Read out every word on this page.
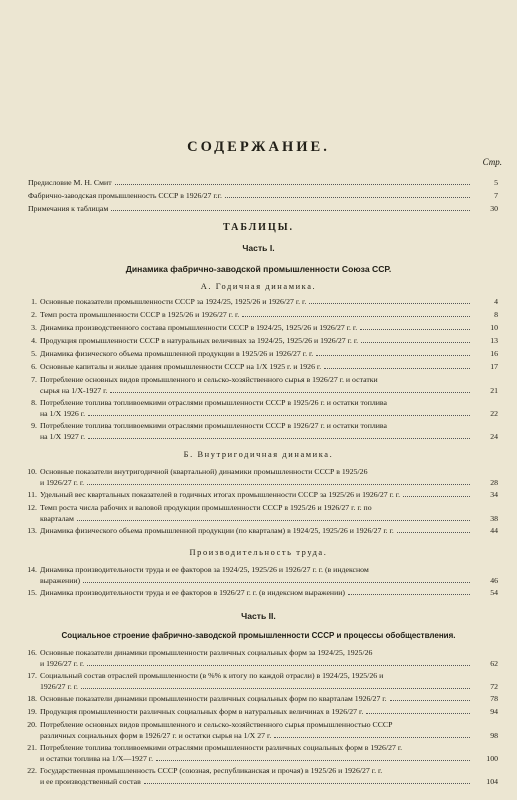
СОДЕРЖАНИЕ.
Стр.
Предисловие М. Н. Смит	5
Фабрично-заводская промышленность СССР в 1926/27 г.г.	7
Примечания к таблицам	30
ТАБЛИЦЫ.
Часть I.
Динамика фабрично-заводской промышленности Союза ССР.
А. Годичная динамика.
Б. Внутригодичная динамика.
Производительность труда.
Часть II.
Социальное строение фабрично-заводской промышленности СССР и процессы обобществления.
1. Основные показатели промышленности СССР за 1924/25, 1925/26 и 1926/27 г. г.	4
2. Темп роста промышленности СССР в 1925/26 и 1926/27 г. г.	8
3. Динамика производственного состава промышленности СССР в 1924/25, 1925/26 и 1926/27 г. г.	10
4. Продукция промышленности СССР в натуральных величинах за 1924/25, 1925/26 и 1926/27 г. г.	13
5. Динамика физического объема промышленной продукции в 1925/26 и 1926/27 г. г.	16
6. Основные капиталы и жилые здания промышленности СССР на 1/X 1925 г. и 1926 г.	17
7. Потребление основных видов промышленного и сельско-хозяйственного сырья в 1926/27 г. и остатки
сырья на 1/X-1927 г.	21
8. Потребление топлива топливоемкими отраслями промышленности СССР в 1925/26 г. и остатки топлива
на 1/X 1926 г.	22
9. Потребление топлива топливоемкими отраслями промышленности СССР в 1926/27 г. и остатки топлива
на 1/X 1927 г.	24
10. Основные показатели внутригодичной (квартальной) динамики промышленности СССР в 1925/26
и 1926/27 г. г.	28
11. Удельный вес квартальных показателей в годичных итогах промышленности СССР за 1925/26 и 1926/27 г. г.	34
12. Темп роста числа рабочих и валовой продукции промышленности СССР в 1925/26 и 1926/27 г. г. по
кварталам	38
13. Динамика физического объема промышленной продукции (по кварталам) в 1924/25, 1925/26 и 1926/27 г. г.	44
14. Динамика производительности труда и ее факторов за 1924/25, 1925/26 и 1926/27 г. г. (в индексном
выражении)	46
15. Динамика производительности труда и ее факторов в 1926/27 г. г. (в индексном выражении)	54
16. Основные показатели динамики промышленности различных социальных форм за 1924/25, 1925/26
и 1926/27 г. г.	62
17. Социальный состав отраслей промышленности (в %% к итогу по каждой отрасли) в 1924/25, 1925/26 и
1926/27 г. г.	72
18. Основные показатели динамики промышленности различных социальных форм по кварталам 1926/27 г.	78
19. Продукция промышленности различных социальных форм в натуральных величинах в 1926/27 г.	94
20. Потребление основных видов промышленного и сельско-хозяйственного сырья промышленностью СССР
различных социальных форм в 1926/27 г. и остатки сырья на 1/X 27 г.	98
21. Потребление топлива топливоемкими отраслями промышленности различных социальных форм в 1926/27 г.
и остатки топлива на 1/X—1927 г.	100
22. Государственная промышленность СССР (союзная, республиканская и прочая) в 1925/26 и 1926/27 г. г.
и ее производственный состав	104
